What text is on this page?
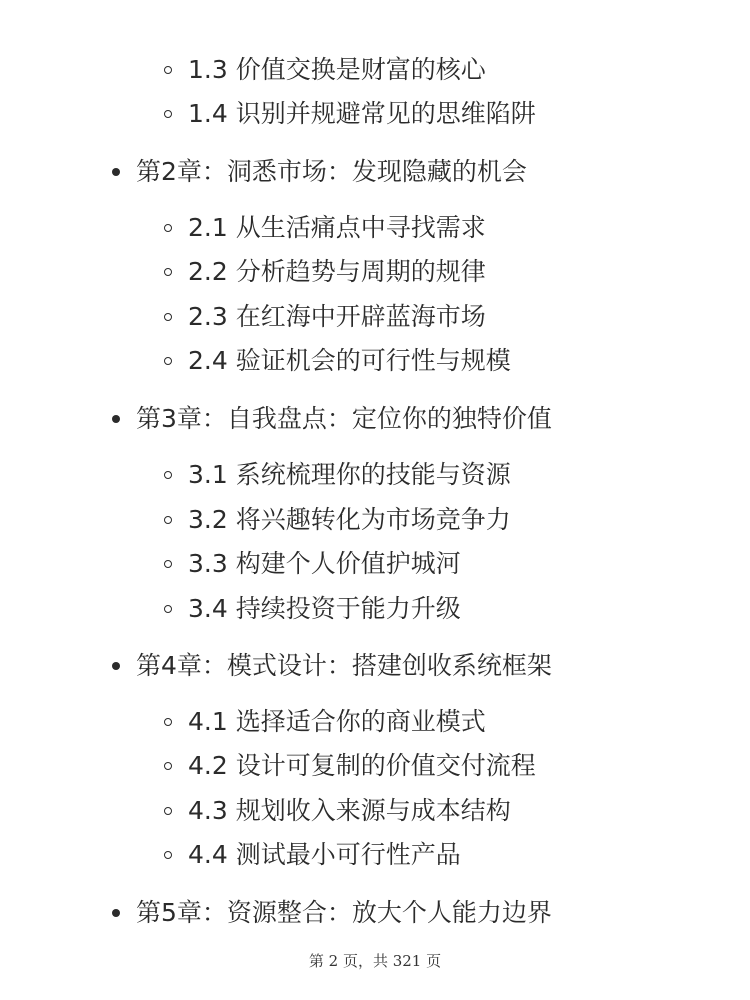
1.3 价值交换是财富的核心
1.4 识别并规避常见的思维陷阱
第2章：洞悉市场：发现隐藏的机会
2.1 从生活痛点中寻找需求
2.2 分析趋势与周期的规律
2.3 在红海中开辟蓝海市场
2.4 验证机会的可行性与规模
第3章：自我盘点：定位你的独特价值
3.1 系统梳理你的技能与资源
3.2 将兴趣转化为市场竞争力
3.3 构建个人价值护城河
3.4 持续投资于能力升级
第4章：模式设计：搭建创收系统框架
4.1 选择适合你的商业模式
4.2 设计可复制的价值交付流程
4.3 规划收入来源与成本结构
4.4 测试最小可行性产品
第5章：资源整合：放大个人能力边界
第 2 页，共 321 页
